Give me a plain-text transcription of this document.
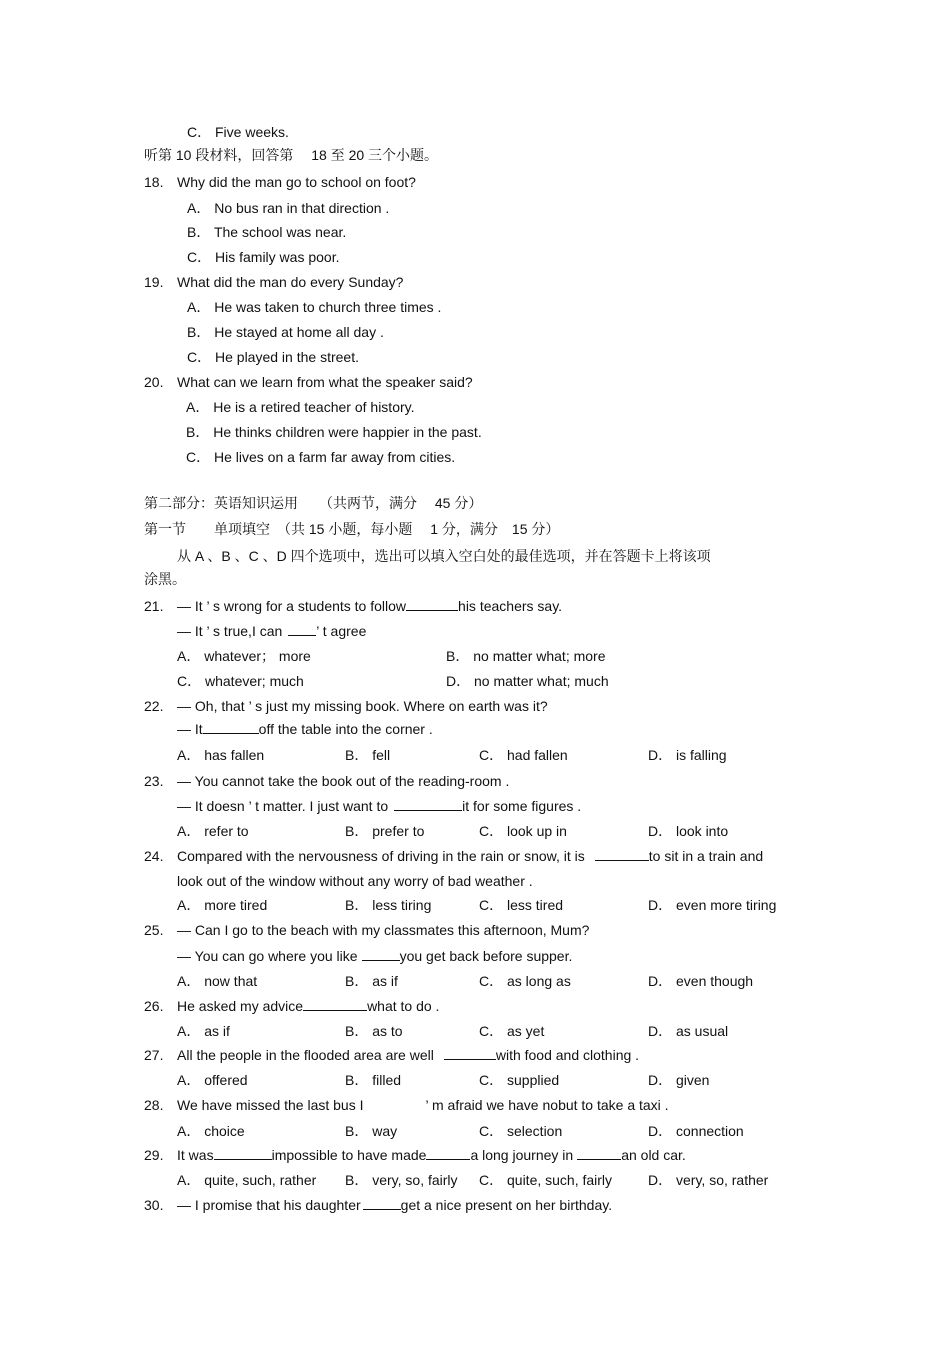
C． Five weeks.
听第 10 段材料，回答第　 18 至 20 三个小题。
18. Why did the man go to school on foot?
A． No bus ran in that direction .
B． The school was near.
C． His family was poor.
19. What did the man do every Sunday?
A． He was taken to church three times .
B． He stayed at home all day .
C． He played in the street.
20. What can we learn from what the speaker said?
A． He is a retired teacher of history.
B． He thinks children were happier in the past.
C． He lives on a farm far away from cities.
第二部分：英语知识运用　　（共两节，满分　 45 分）
第一节　　单项填空　（共 15 小题，每小题　 1 分，满分　15 分）
从 A 、B 、C 、D 四个选项中，选出可以填入空白处的最佳选项，并在答题卡上将该项
涂黑。
21. — It ’ s wrong for a students to follow	his teachers say.
— It ’ s true,I can ’ t agree
A． whatever； more	B． no matter what; more
C． whatever; much	D． no matter what; much
22. — Oh, that ’ s just my missing book. Where on earth was it?
— It	off the table into the corner .
A． has fallen	B． fell	C． had fallen	D． is falling
23. — You cannot take the book out of the reading-room .
— It doesn ’ t matter. I just want to	it for some figures .
A． refer to	B． prefer to	C． look up in	D． look into
24. Compared with the nervousness of driving in the rain or snow, it is	to sit in a train and
look out of the window without any worry of bad weather .
A． more tired	B． less tiring	C． less tired	D． even more tiring
25. — Can I go to the beach with my classmates this afternoon, Mum?
— You can go where you like	you get back before supper.
A． now that	B． as if	C． as long as	D． even though
26. He asked my advice	what to do .
A． as if	B． as to	C． as yet	D． as usual
27. All the people in the flooded area are well	with food and clothing .
A． offered	B． filled	C． supplied	D． given
28. We have missed the last bus I	’ m afraid we have nobut to take a taxi .
A． choice	B． way	C． selection	D． connection
29. It was	impossible to have made	a long journey in	an old car.
A． quite, such, rather B． very, so, fairly C． quite, such, fairly	D． very, so, rather
30. — I promise that his daughter	get a nice present on her birthday.
